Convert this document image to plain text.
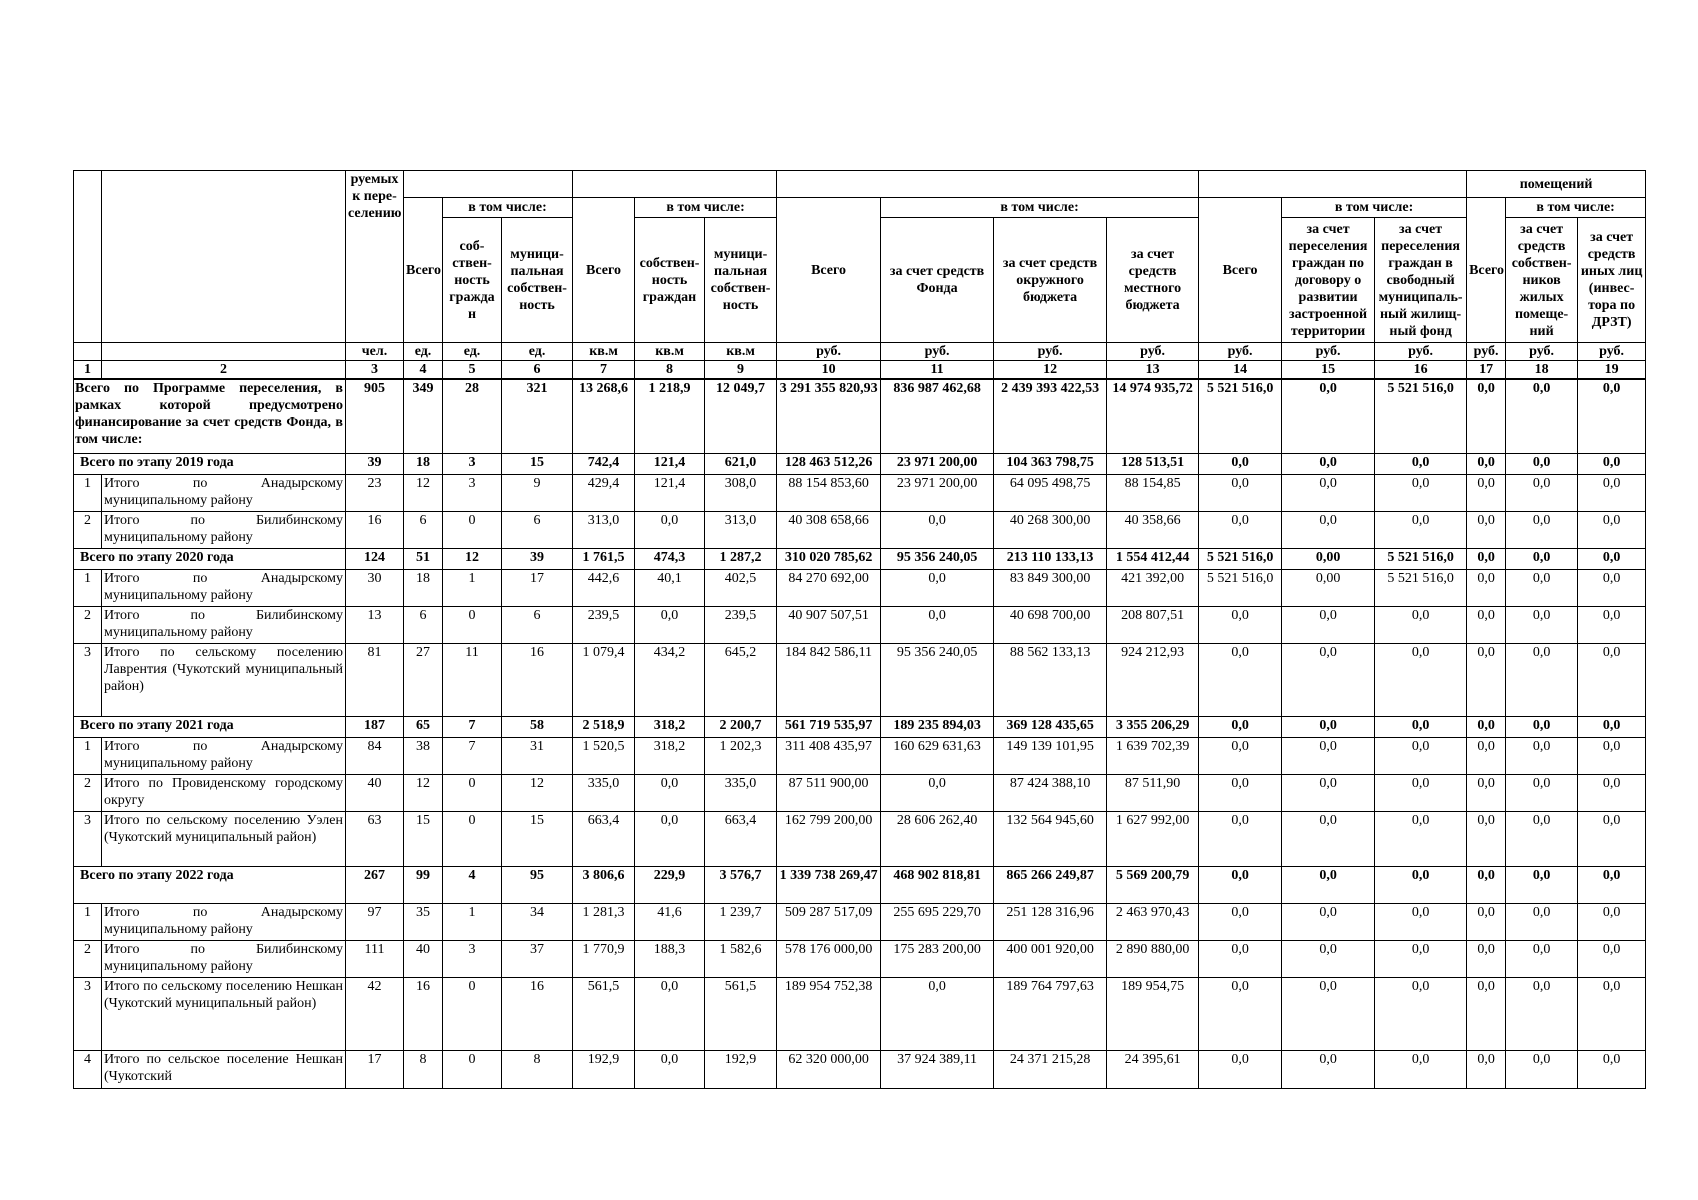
		руемых к пере-селению														помещений		
			Всего	в том числе:		Всего	в том числе:		Всего	в том числе:			Всего	в том числе:		Всего	в том числе:	
				соб-ствен-ность гражда н	муници-пальная собствен-ность		собствен-ность граждан	муници-пальная собствен-ность		за счет средств Фонда	за счет средств окружного бюджета	за счет средств местного бюджета		за счет переселения граждан по договору о развитии застроенной территории	за счет переселения граждан в свободный муниципаль-ный жилищ-ный фонд		за счет средств собствен-ников жилых помеще-ний	за счет средств иных лиц (инвес-тора по ДРЗТ)
		чел.	ед.	ед.	ед.	кв.м	кв.м	кв.м	руб.	руб.	руб.	руб.	руб.	руб.	руб.	руб.	руб.	руб.
1	2	3	4	5	6	7	8	9	10	11	12	13	14	15	16	17	18	19
Всего по Программе переселения, в рамках которой предусмотрено финансирование за счет средств Фонда, в том числе:		905	349	28	321	13 268,6	1 218,9	12 049,7	3 291 355 820,93	836 987 462,68	2 439 393 422,53	14 974 935,72	5 521 516,0	0,0	5 521 516,0	0,0	0,0	0,0
Всего по этапу 2019 года		39	18	3	15	742,4	121,4	621,0	128 463 512,26	23 971 200,00	104 363 798,75	128 513,51	0,0	0,0	0,0	0,0	0,0	0,0
1	Итого по Анадырскому муниципальному району	23	12	3	9	429,4	121,4	308,0	88 154 853,60	23 971 200,00	64 095 498,75	88 154,85	0,0	0,0	0,0	0,0	0,0	0,0
2	Итого по Билибинскому муниципальному району	16	6	0	6	313,0	0,0	313,0	40 308 658,66	0,0	40 268 300,00	40 358,66	0,0	0,0	0,0	0,0	0,0	0,0
Всего по этапу 2020 года		124	51	12	39	1 761,5	474,3	1 287,2	310 020 785,62	95 356 240,05	213 110 133,13	1 554 412,44	5 521 516,0	0,00	5 521 516,0	0,0	0,0	0,0
1	Итого по Анадырскому муниципальному району	30	18	1	17	442,6	40,1	402,5	84 270 692,00	0,0	83 849 300,00	421 392,00	5 521 516,0	0,00	5 521 516,0	0,0	0,0	0,0
2	Итого по Билибинскому муниципальному району	13	6	0	6	239,5	0,0	239,5	40 907 507,51	0,0	40 698 700,00	208 807,51	0,0	0,0	0,0	0,0	0,0	0,0
3	Итого по сельскому поселению Лаврентия (Чукотский муниципальный район)	81	27	11	16	1 079,4	434,2	645,2	184 842 586,11	95 356 240,05	88 562 133,13	924 212,93	0,0	0,0	0,0	0,0	0,0	0,0
Всего по этапу 2021 года		187	65	7	58	2 518,9	318,2	2 200,7	561 719 535,97	189 235 894,03	369 128 435,65	3 355 206,29	0,0	0,0	0,0	0,0	0,0	0,0
1	Итого по Анадырскому муниципальному району	84	38	7	31	1 520,5	318,2	1 202,3	311 408 435,97	160 629 631,63	149 139 101,95	1 639 702,39	0,0	0,0	0,0	0,0	0,0	0,0
2	Итого по Провиденскому городскому округу	40	12	0	12	335,0	0,0	335,0	87 511 900,00	0,0	87 424 388,10	87 511,90	0,0	0,0	0,0	0,0	0,0	0,0
3	Итого по сельскому поселению Уэлен (Чукотский муниципальный район)	63	15	0	15	663,4	0,0	663,4	162 799 200,00	28 606 262,40	132 564 945,60	1 627 992,00	0,0	0,0	0,0	0,0	0,0	0,0
Всего по этапу 2022 года		267	99	4	95	3 806,6	229,9	3 576,7	1 339 738 269,47	468 902 818,81	865 266 249,87	5 569 200,79	0,0	0,0	0,0	0,0	0,0	0,0
1	Итого по Анадырскому муниципальному району	97	35	1	34	1 281,3	41,6	1 239,7	509 287 517,09	255 695 229,70	251 128 316,96	2 463 970,43	0,0	0,0	0,0	0,0	0,0	0,0
2	Итого по Билибинскому муниципальному району	111	40	3	37	1 770,9	188,3	1 582,6	578 176 000,00	175 283 200,00	400 001 920,00	2 890 880,00	0,0	0,0	0,0	0,0	0,0	0,0
3	Итого по сельскому поселению Нешкан (Чукотский муниципальный район)	42	16	0	16	561,5	0,0	561,5	189 954 752,38	0,0	189 764 797,63	189 954,75	0,0	0,0	0,0	0,0	0,0	0,0
4	Итого по сельское поселение Нешкан (Чукотский	17	8	0	8	192,9	0,0	192,9	62 320 000,00	37 924 389,11	24 371 215,28	24 395,61	0,0	0,0	0,0	0,0	0,0	0,0
